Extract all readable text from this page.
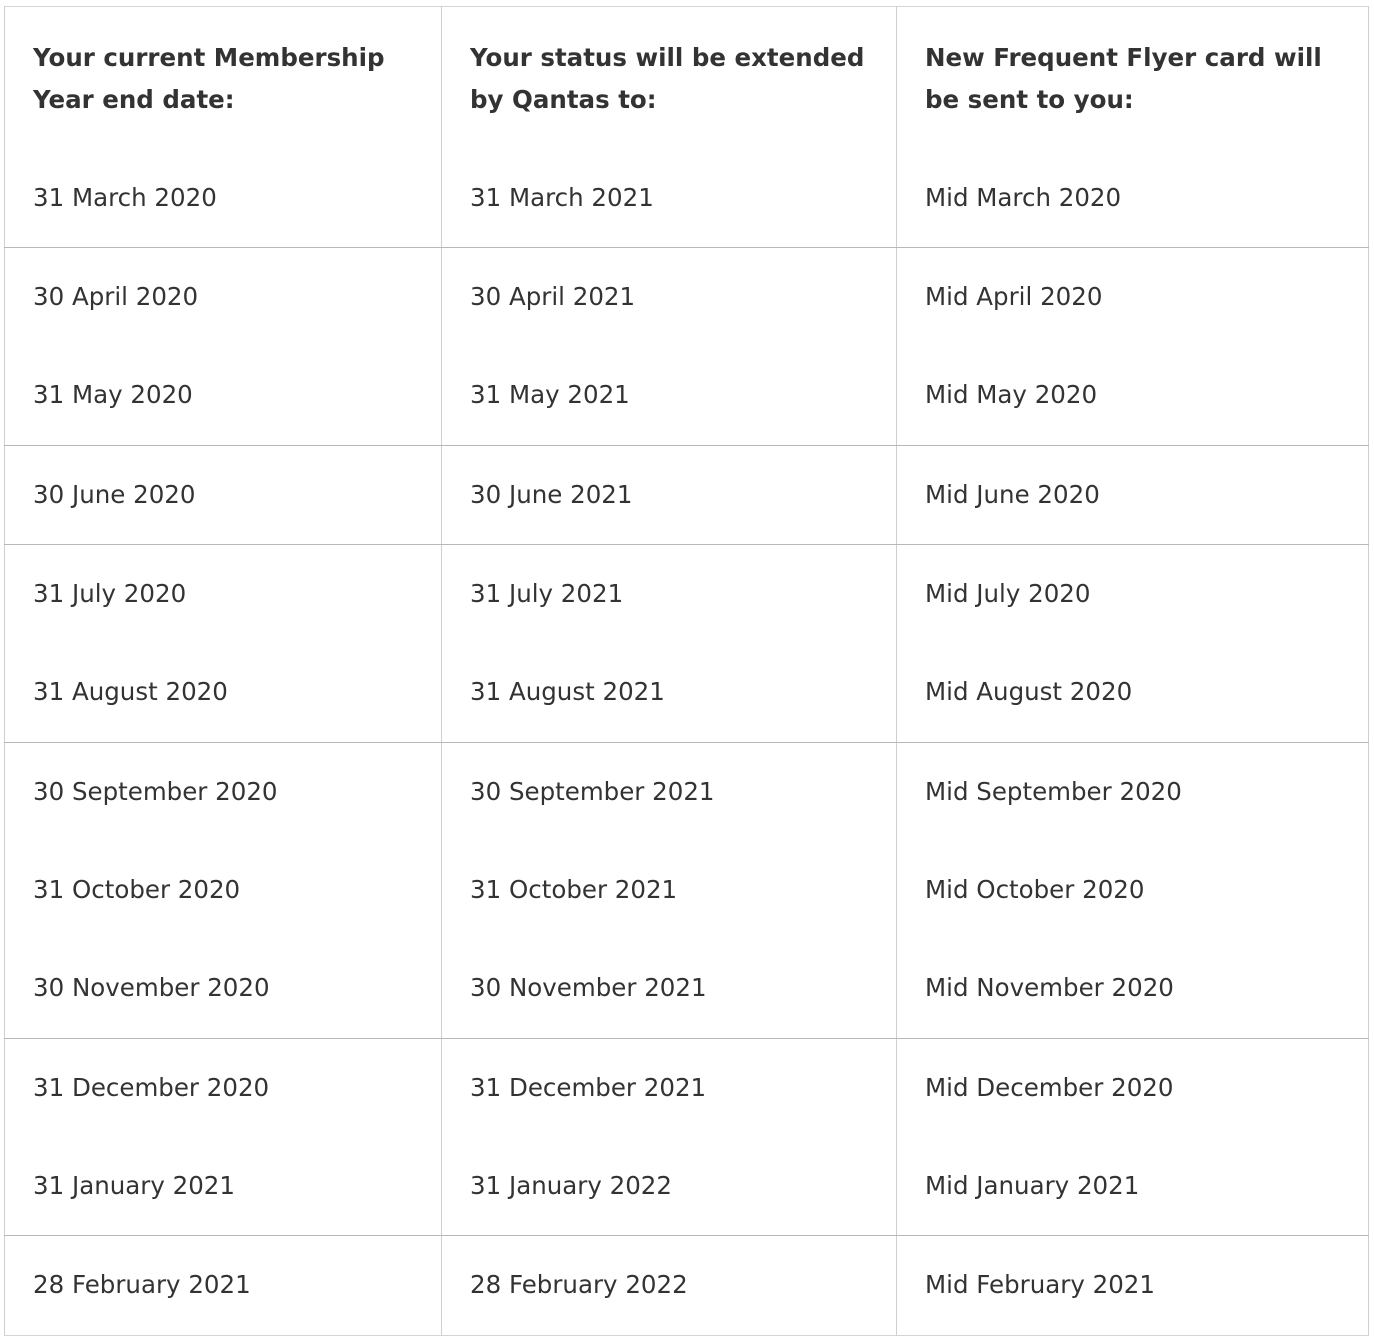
Your current Membership Year end date:	Your status will be extended by Qantas to:	New Frequent Flyer card will be sent to you:

31 March 2020	31 March 2021	Mid March 2020

30 April 2020	30 April 2021	Mid April 2020

31 May 2020	31 May 2021	Mid May 2020

30 June 2020	30 June 2021	Mid June 2020

31 July 2020	31 July 2021	Mid July 2020

31 August 2020	31 August 2021	Mid August 2020

30 September 2020	30 September 2021	Mid September 2020

31 October 2020	31 October 2021	Mid October 2020

30 November 2020	30 November 2021	Mid November 2020

31 December 2020	31 December 2021	Mid December 2020

31 January 2021	31 January 2022	Mid January 2021

28 February 2021	28 February 2022	Mid February 2021
